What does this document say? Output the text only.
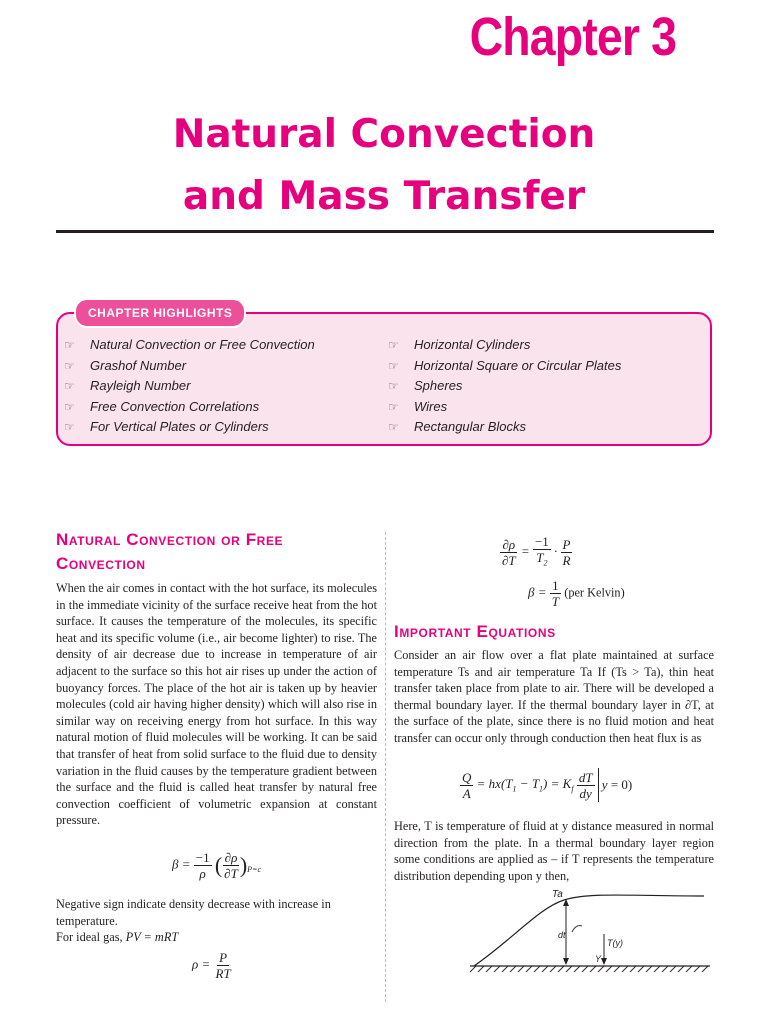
Chapter 3
Natural Convection
and Mass Transfer
CHAPTER HIGHLIGHTS
☞ Natural Convection or Free Convection
☞ Grashof Number
☞ Rayleigh Number
☞ Free Convection Correlations
☞ For Vertical Plates or Cylinders
☞ Horizontal Cylinders
☞ Horizontal Square or Circular Plates
☞ Spheres
☞ Wires
☞ Rectangular Blocks
Natural Convection or Free
Convection
When the air comes in contact with the hot surface, its molecules in the immediate vicinity of the surface receive heat from the hot surface. It causes the temperature of the molecules, its specific heat and its specific volume (i.e., air become lighter) to rise. The density of air decrease due to increase in temperature of air adjacent to the surface so this hot air rises up under the action of buoyancy forces. The place of the hot air is taken up by heavier molecules (cold air having higher density) which will also rise in similar way on receiving energy from hot surface. In this way natural motion of fluid molecules will be working. It can be said that transfer of heat from solid surface to the fluid due to density variation in the fluid causes by the temperature gradient between the surface and the fluid is called heat transfer by natural free convection coefficient of volumetric expansion at constant pressure.
$\beta = \frac{-1}{\rho}$ ( $\frac{\partial\rho}{\partial T} )_{P=c}$
Negative sign indicate density decrease with increase in temperature.
For ideal gas, PV = mRT
$\rho = \frac{P}{RT}$
$\frac{\partial\rho}{\partial T} = \frac{-1}{T_2} \cdot \frac{P}{R}$
$\beta = \frac{1}{T} (per$ Kelvin)
Important Equations
Consider an air flow over a flat plate maintained at surface temperature Ts and air temperature Ta If (Ts > Ta), thin heat transfer taken place from plate to air. There will be developed a thermal boundary layer. If the thermal boundary layer in ∂T, at the surface of the plate, since there is no fluid motion and heat transfer can occur only through conduction then heat flux is as
$\frac{Q}{A} = hx(T_1 - T_1) = K_f \frac{dT}{dy}$ y = 0)
Here, T is temperature of fluid at y distance measured in normal direction from the plate. In a thermal boundary layer region some conditions are applied as – if T represents the temperature distribution depending upon y then,
Ta
dt
T(y)
Y
